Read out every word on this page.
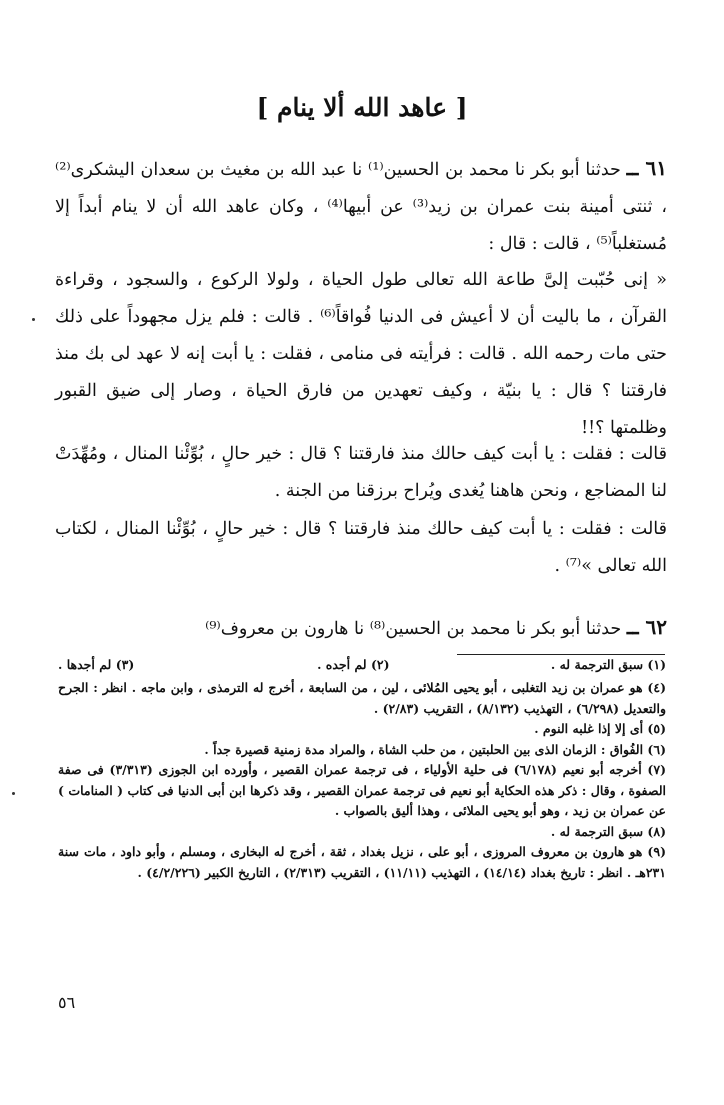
[ عاهد الله ألا ينام ]

٦١ ــ حدثنا أبو بكر نا محمد بن الحسين⁽¹⁾ نا عبد الله بن مغيث بن سعدان اليشكرى⁽²⁾ ، ثنتى أمينة بنت عمران بن زيد⁽³⁾ عن أبيها⁽⁴⁾ ، وكان عاهد الله أن لا ينام أبداً إلا مُستغلباً⁽⁵⁾ ، قالت : قال :

« إنى حُبّبت إلىَّ طاعة الله تعالى طول الحياة ، ولولا الركوع ، والسجود ، وقراءة القرآن ، ما باليت أن لا أعيش فى الدنيا فُواقاً⁽⁶⁾ . قالت : فلم يزل مجهوداً على ذلك حتى مات رحمه الله . قالت : فرأيته فى منامى ، فقلت : يا أبت إنه لا عهد لى بك منذ فارقتنا ؟ قال : يا بنيّة ، وكيف تعهدين من فارق الحياة ، وصار إلى ضيق القبور وظلمتها ؟!!

قالت : فقلت : يا أبت كيف حالك منذ فارقتنا ؟ قال : خير حالٍ ، بُوِّئْنا المنال ، ومُهِّدَتْ لنا المضاجع ، ونحن هاهنا يُغدى ويُراح برزقنا من الجنة .

قالت : فقلت : يا أبت كيف حالك منذ فارقتنا ؟ قال : خير حالٍ ، بُوِّئْنا المنال ، لكتاب الله تعالى »⁽⁷⁾ .

٦٢ ــ حدثنا أبو بكر نا محمد بن الحسين⁽⁸⁾ نا هارون بن معروف⁽⁹⁾

(١) سبق الترجمة له .
(٢) لم أجده .
(٣) لم أجدها .

(٤) هو عمران بن زيد التغلبى ، أبو يحيى المُلائى ، لين ، من السابعة ، أخرج له الترمذى ، وابن ماجه . انظر : الجرح والتعديل (٦/٢٩٨) ، التهذيب (٨/١٣٢) ، التقريب (٢/٨٣) .

(٥) أى إلا إذا غلبه النوم .

(٦) الفُواق : الزمان الذى بين الحلبتين ، من حلب الشاة ، والمراد مدة زمنية قصيرة جداً .

(٧) أخرجه أبو نعيم (٦/١٧٨) فى حلية الأولياء ، فى ترجمة عمران القصير ، وأورده ابن الجوزى (٣/٣١٣) فى صفة الصفوة ، وقال : ذكر هذه الحكاية أبو نعيم فى ترجمة عمران القصير ، وقد ذكرها ابن أبى الدنيا فى كتاب ( المنامات ) عن عمران بن زيد ، وهو أبو يحيى الملائى ، وهذا أليق بالصواب .

(٨) سبق الترجمة له .

(٩) هو هارون بن معروف المروزى ، أبو على ، نزيل بغداد ، ثقة ، أخرج له البخارى ، ومسلم ، وأبو داود ، مات سنة ٢٣١هـ . انظر : تاريخ بغداد (١٤/١٤) ، التهذيب (١١/١١) ، التقريب (٢/٣١٣) ، التاريخ الكبير (٤/٢/٢٢٦) .

٥٦
